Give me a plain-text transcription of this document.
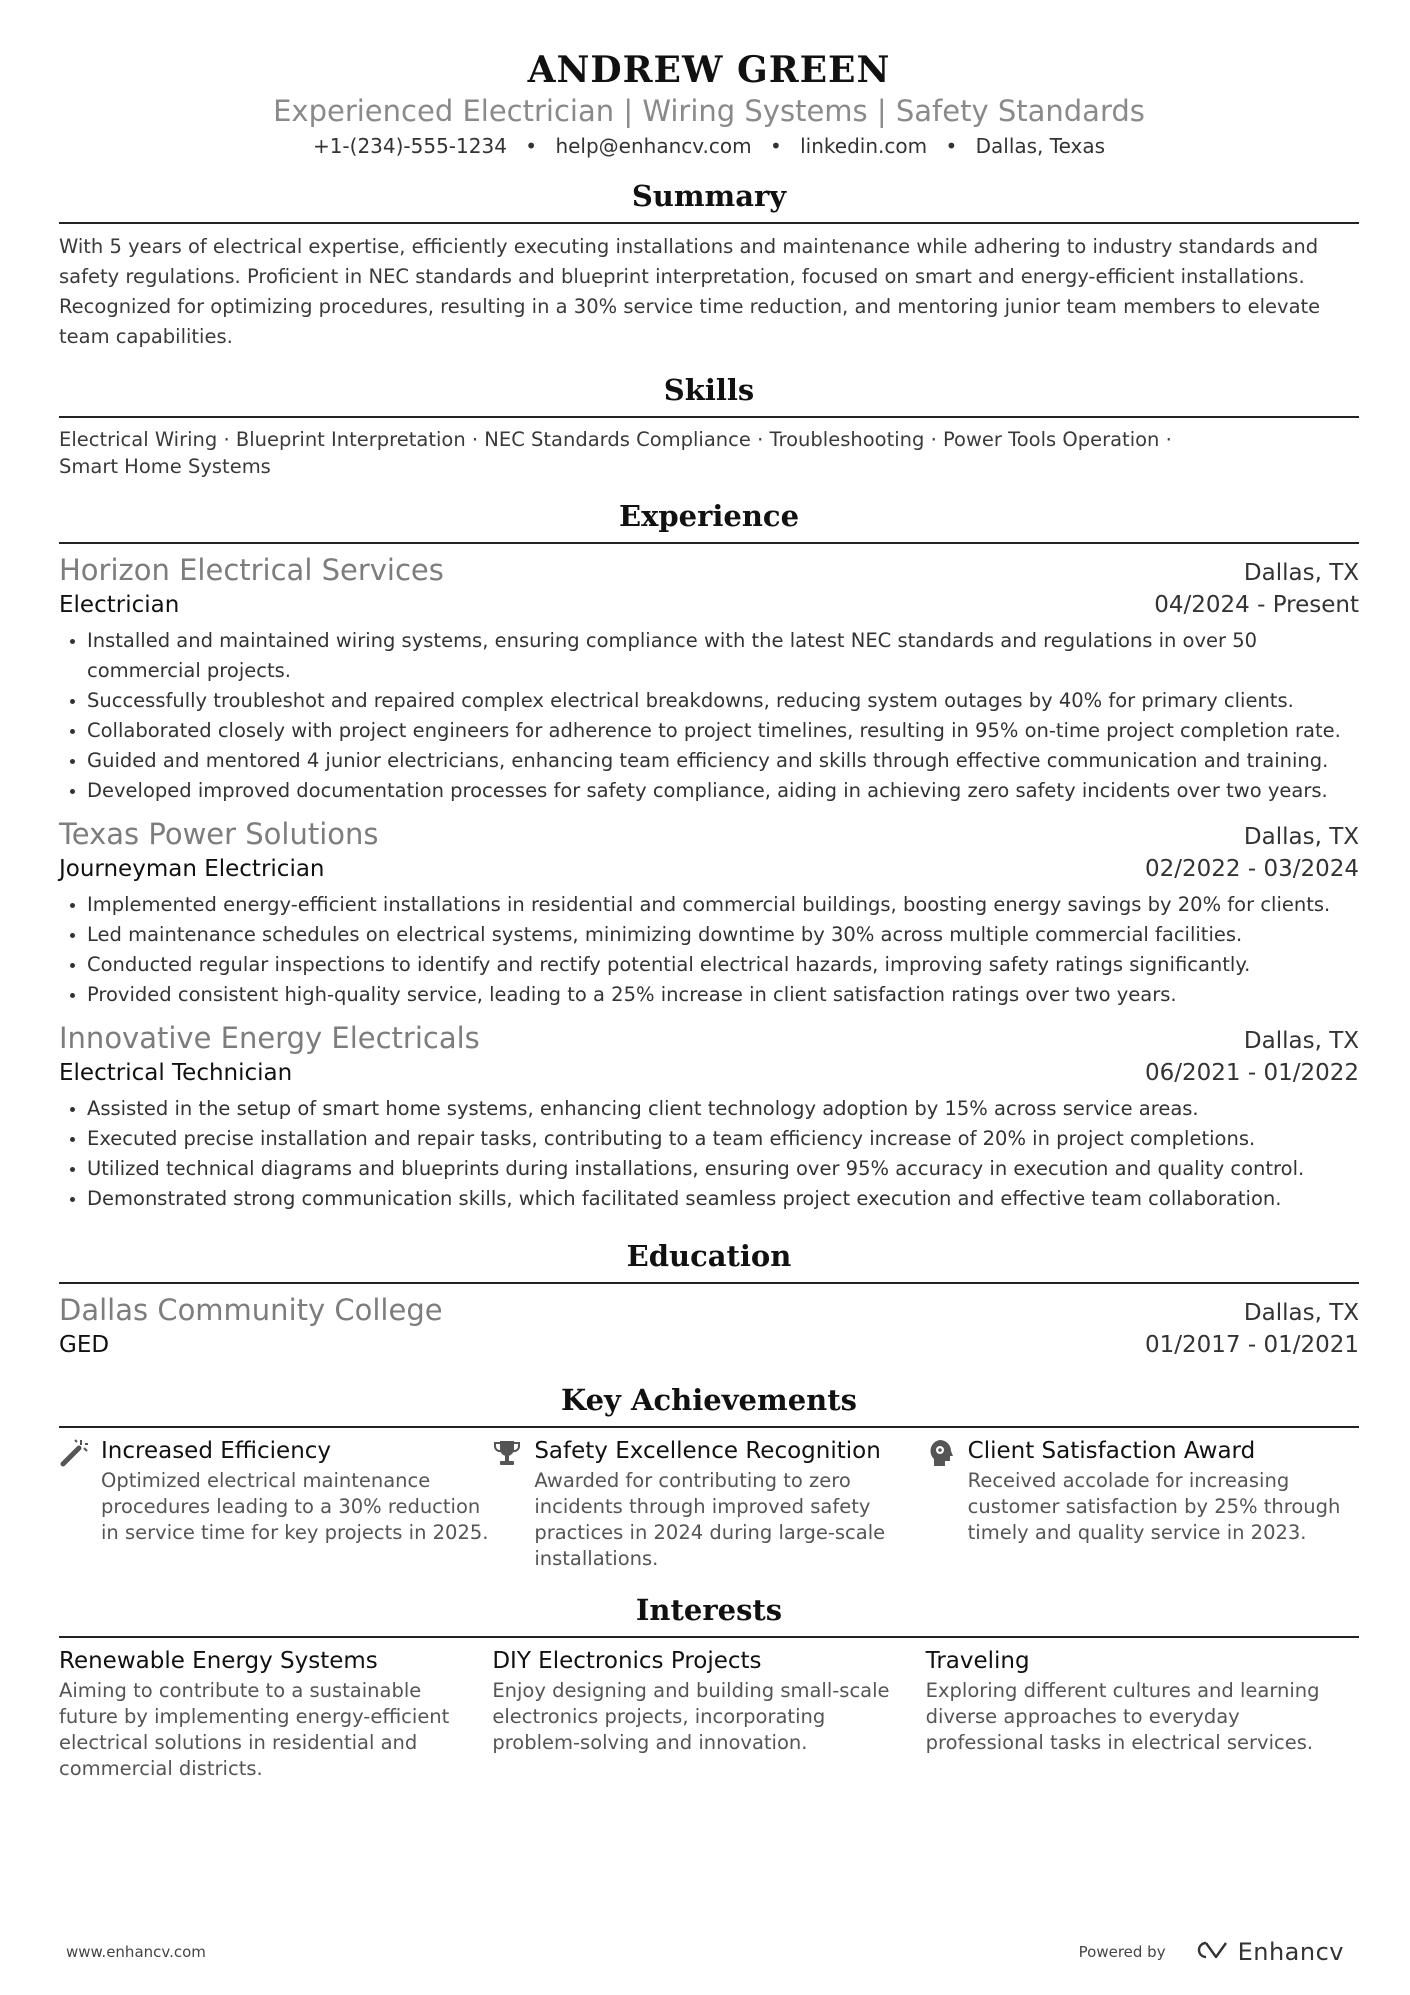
ANDREW GREEN
Experienced Electrician | Wiring Systems | Safety Standards
+1-(234)-555-1234 • help@enhancv.com • linkedin.com • Dallas, Texas
Summary
With 5 years of electrical expertise, efficiently executing installations and maintenance while adhering to industry standards and safety regulations. Proficient in NEC standards and blueprint interpretation, focused on smart and energy-efficient installations. Recognized for optimizing procedures, resulting in a 30% service time reduction, and mentoring junior team members to elevate team capabilities.
Skills
Electrical Wiring · Blueprint Interpretation · NEC Standards Compliance · Troubleshooting · Power Tools Operation ·
Smart Home Systems
Experience
Horizon Electrical Services	Dallas, TX
Electrician	04/2024 - Present
• Installed and maintained wiring systems, ensuring compliance with the latest NEC standards and regulations in over 50 commercial projects.
• Successfully troubleshot and repaired complex electrical breakdowns, reducing system outages by 40% for primary clients.
• Collaborated closely with project engineers for adherence to project timelines, resulting in 95% on-time project completion rate.
• Guided and mentored 4 junior electricians, enhancing team efficiency and skills through effective communication and training.
• Developed improved documentation processes for safety compliance, aiding in achieving zero safety incidents over two years.
Texas Power Solutions	Dallas, TX
Journeyman Electrician	02/2022 - 03/2024
• Implemented energy-efficient installations in residential and commercial buildings, boosting energy savings by 20% for clients.
• Led maintenance schedules on electrical systems, minimizing downtime by 30% across multiple commercial facilities.
• Conducted regular inspections to identify and rectify potential electrical hazards, improving safety ratings significantly.
• Provided consistent high-quality service, leading to a 25% increase in client satisfaction ratings over two years.
Innovative Energy Electricals	Dallas, TX
Electrical Technician	06/2021 - 01/2022
• Assisted in the setup of smart home systems, enhancing client technology adoption by 15% across service areas.
• Executed precise installation and repair tasks, contributing to a team efficiency increase of 20% in project completions.
• Utilized technical diagrams and blueprints during installations, ensuring over 95% accuracy in execution and quality control.
• Demonstrated strong communication skills, which facilitated seamless project execution and effective team collaboration.
Education
Dallas Community College	Dallas, TX
GED	01/2017 - 01/2021
Key Achievements
Increased Efficiency
Optimized electrical maintenance procedures leading to a 30% reduction in service time for key projects in 2025.
Safety Excellence Recognition
Awarded for contributing to zero incidents through improved safety practices in 2024 during large-scale installations.
Client Satisfaction Award
Received accolade for increasing customer satisfaction by 25% through timely and quality service in 2023.
Interests
Renewable Energy Systems
Aiming to contribute to a sustainable future by implementing energy-efficient electrical solutions in residential and commercial districts.
DIY Electronics Projects
Enjoy designing and building small-scale electronics projects, incorporating problem-solving and innovation.
Traveling
Exploring different cultures and learning diverse approaches to everyday professional tasks in electrical services.
www.enhancv.com	Powered by	Enhancv
